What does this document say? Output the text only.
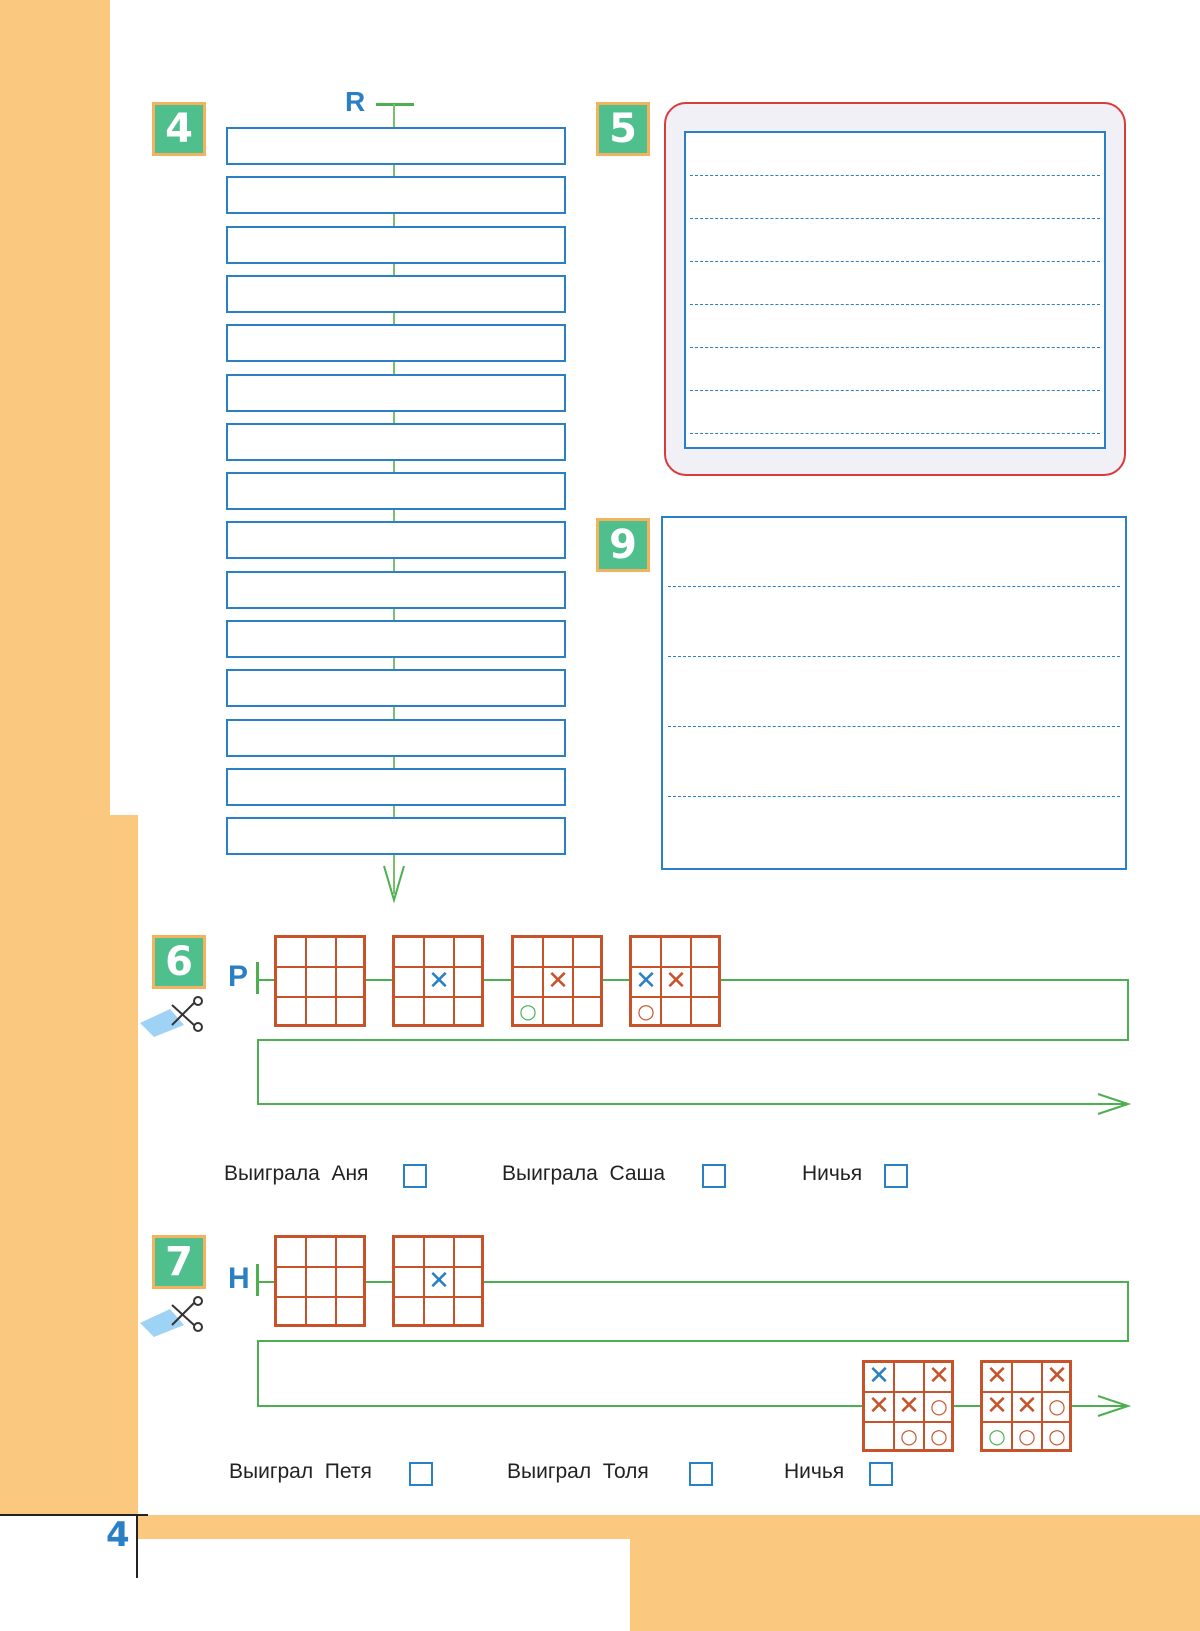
4
4
R
5
9
6	Р	✕	✕
○
✕ ✕
○
Выиграла  Аня	Выиграла  Саша	Ничья
7	Н	✕
✕ ✕
✕ ✕ ○
○ ○
✕ ✕
✕ ✕ ○
○ ○ ○
Выиграл  Петя	Выиграл  Толя	Ничья
